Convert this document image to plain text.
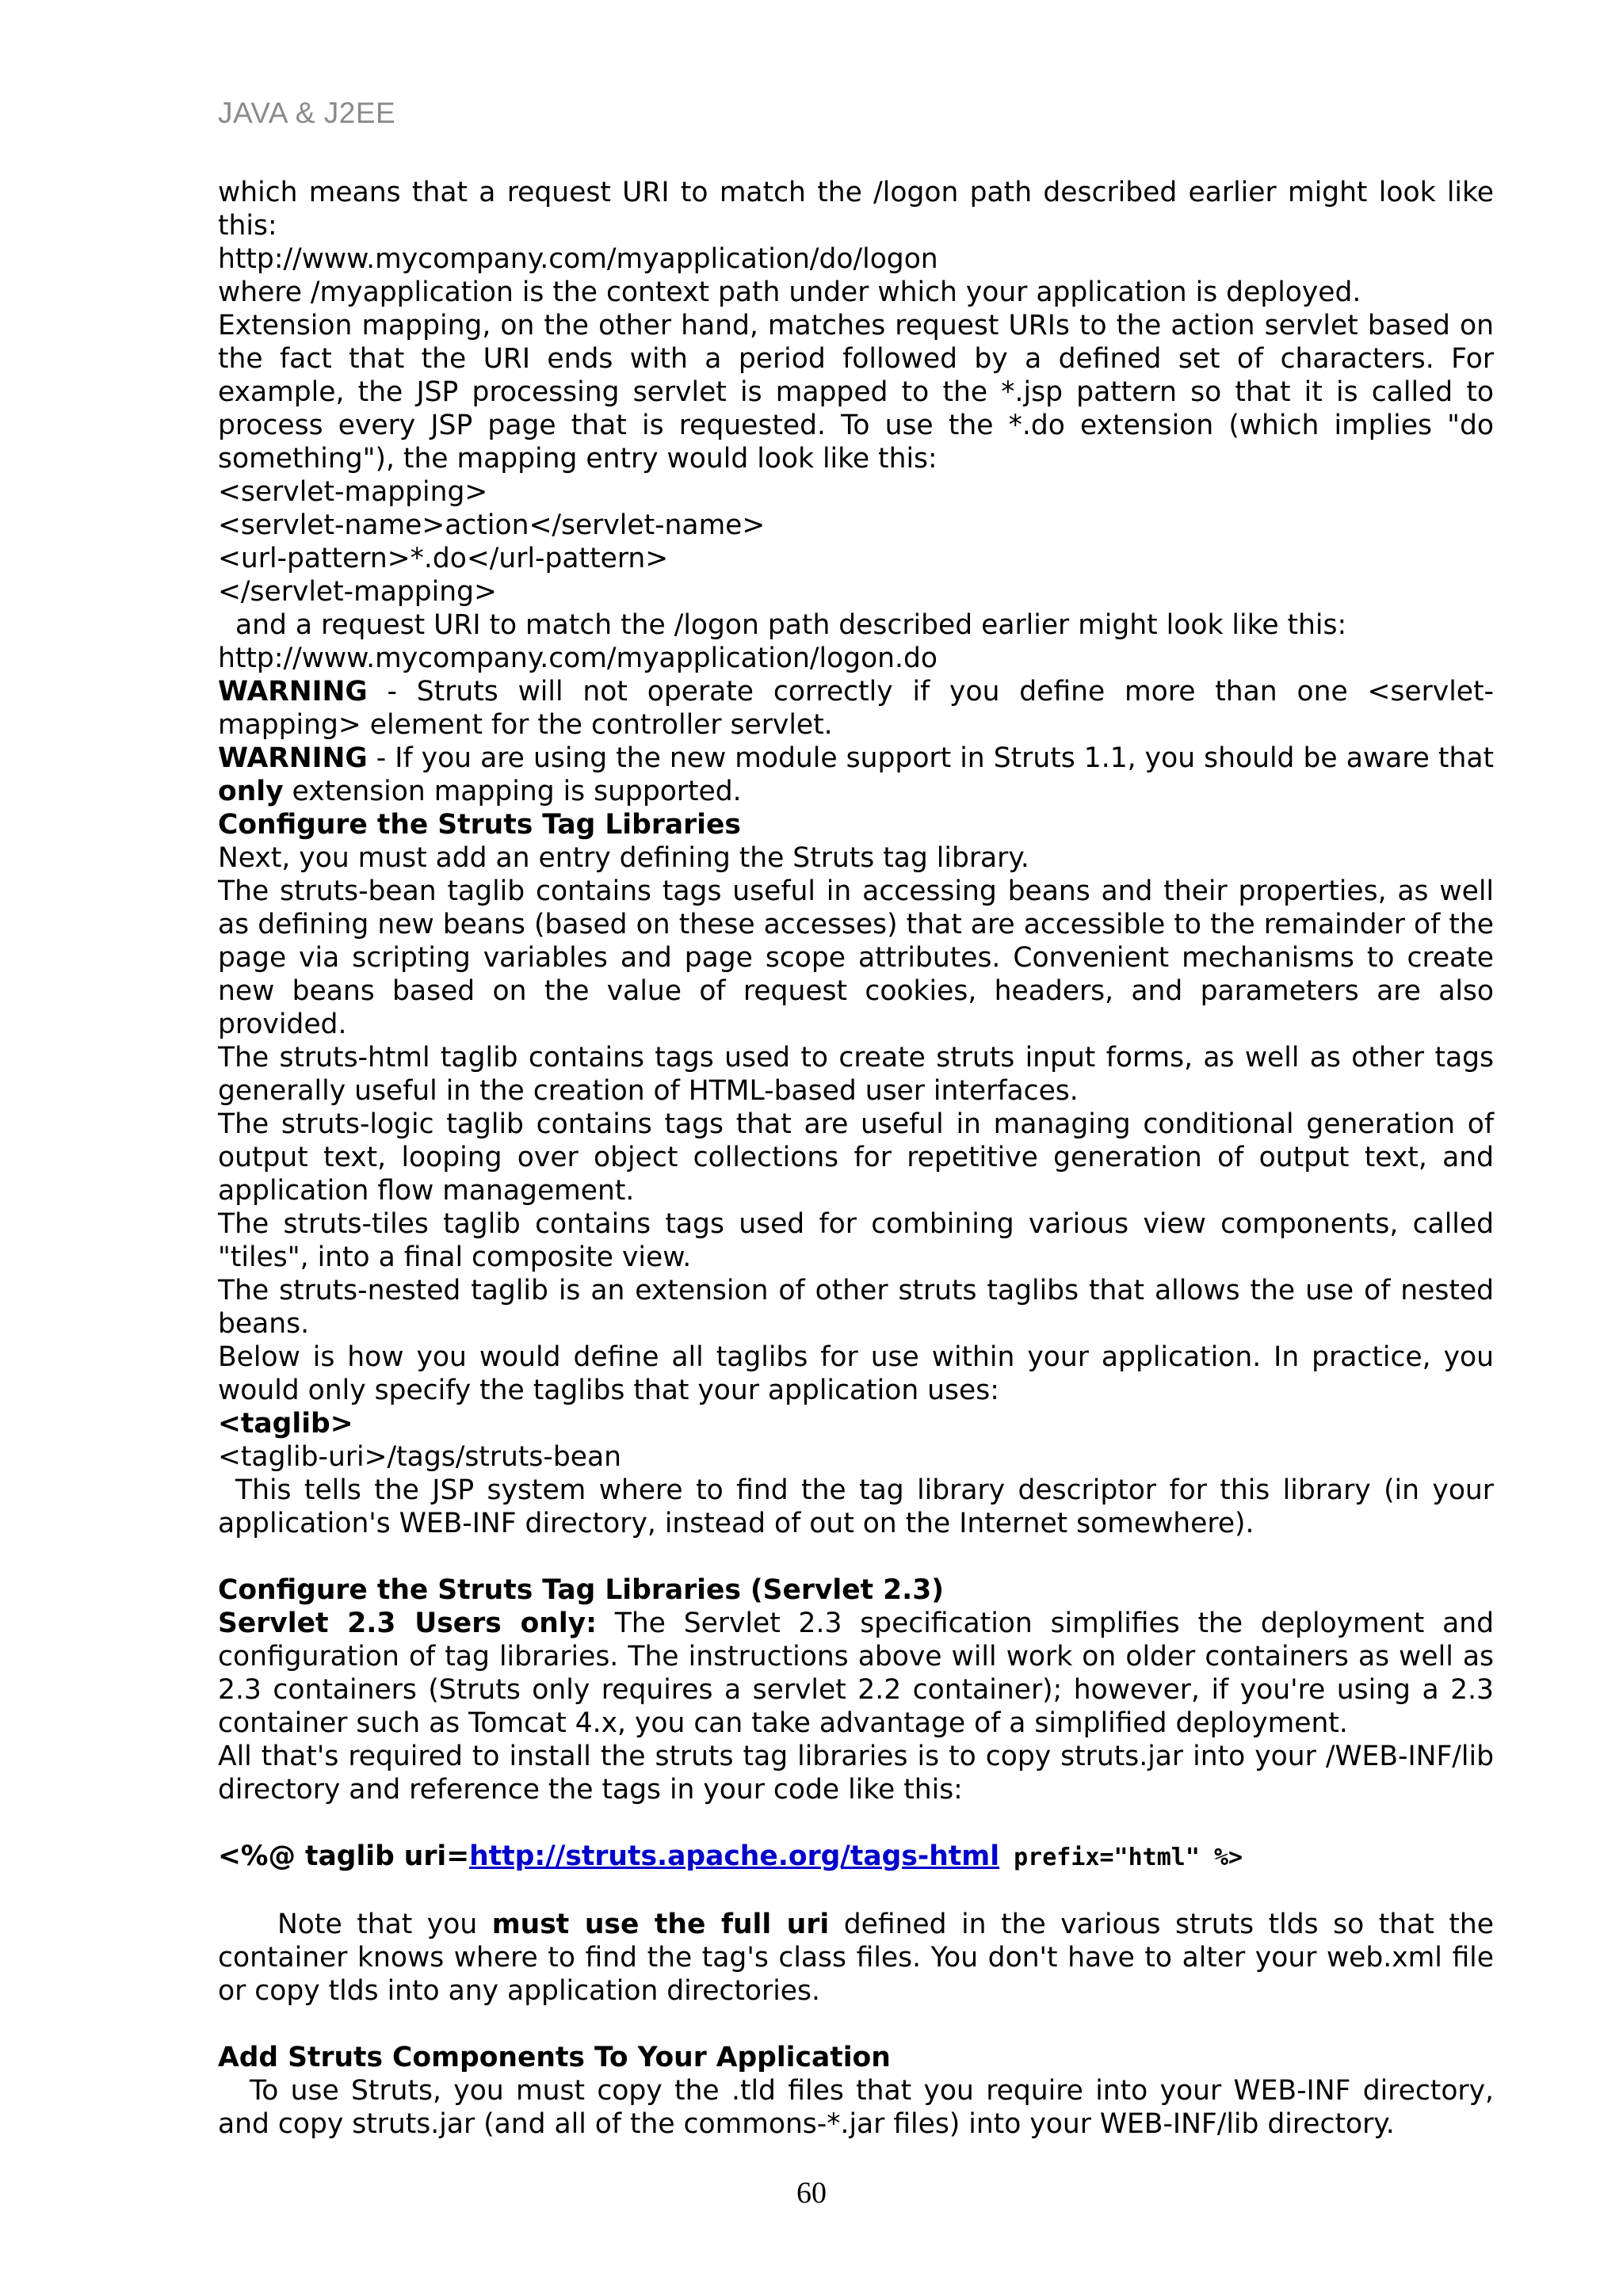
JAVA & J2EE

which means that a request URI to match the /logon path described earlier might look like this:

http://www.mycompany.com/myapplication/do/logon

where /myapplication is the context path under which your application is deployed.

Extension mapping, on the other hand, matches request URIs to the action servlet based on the fact that the URI ends with a period followed by a defined set of characters. For example, the JSP processing servlet is mapped to the *.jsp pattern so that it is called to process every JSP page that is requested. To use the *.do extension (which implies "do something"), the mapping entry would look like this:

<servlet-mapping>

<servlet-name>action</servlet-name>

<url-pattern>*.do</url-pattern>

</servlet-mapping>

and a request URI to match the /logon path described earlier might look like this:

http://www.mycompany.com/myapplication/logon.do

WARNING - Struts will not operate correctly if you define more than one <servlet-mapping> element for the controller servlet.

WARNING - If you are using the new module support in Struts 1.1, you should be aware that only extension mapping is supported.

Configure the Struts Tag Libraries

Next, you must add an entry defining the Struts tag library.

The struts-bean taglib contains tags useful in accessing beans and their properties, as well as defining new beans (based on these accesses) that are accessible to the remainder of the page via scripting variables and page scope attributes. Convenient mechanisms to create new beans based on the value of request cookies, headers, and parameters are also provided.

The struts-html taglib contains tags used to create struts input forms, as well as other tags generally useful in the creation of HTML-based user interfaces.

The struts-logic taglib contains tags that are useful in managing conditional generation of output text, looping over object collections for repetitive generation of output text, and application flow management.

The struts-tiles taglib contains tags used for combining various view components, called "tiles", into a final composite view.

The struts-nested taglib is an extension of other struts taglibs that allows the use of nested beans.

Below is how you would define all taglibs for use within your application. In practice, you would only specify the taglibs that your application uses:

<taglib>

<taglib-uri>/tags/struts-bean

This tells the JSP system where to find the tag library descriptor for this library (in your application's WEB-INF directory, instead of out on the Internet somewhere).

Configure the Struts Tag Libraries (Servlet 2.3)

Servlet 2.3 Users only: The Servlet 2.3 specification simplifies the deployment and configuration of tag libraries. The instructions above will work on older containers as well as 2.3 containers (Struts only requires a servlet 2.2 container); however, if you're using a 2.3 container such as Tomcat 4.x, you can take advantage of a simplified deployment.

All that's required to install the struts tag libraries is to copy struts.jar into your /WEB-INF/lib directory and reference the tags in your code like this:

<%@ taglib uri=http://struts.apache.org/tags-html prefix="html" %>

Note that you must use the full uri defined in the various struts tlds so that the container knows where to find the tag's class files. You don't have to alter your web.xml file or copy tlds into any application directories.

Add Struts Components To Your Application

To use Struts, you must copy the .tld files that you require into your WEB-INF directory, and copy struts.jar (and all of the commons-*.jar files) into your WEB-INF/lib directory.

60
